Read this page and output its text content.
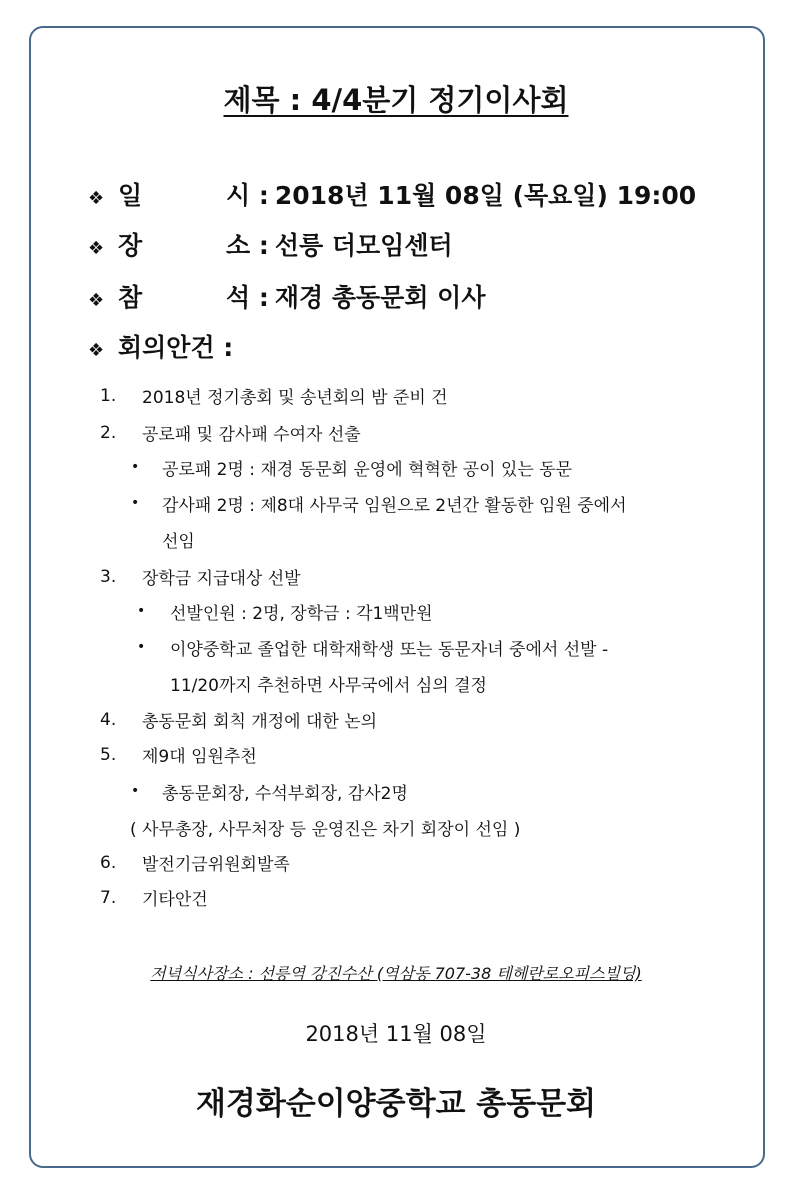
제목 : 4/4분기 정기이사회
❖ 일	시 : 2018년 11월 08일 (목요일) 19:00
❖ 장	소 : 선릉 더모임센터
❖ 참	석 : 재경 총동문회 이사
❖ 회의안건 :
1. 2018년 정기총회 및 송년회의 밤 준비 건
2. 공로패 및 감사패 수여자 선출
• 공로패 2명 : 재경 동문회 운영에 혁혁한 공이 있는 동문
• 감사패 2명 : 제8대 사무국 임원으로 2년간 활동한 임원 중에서
선임
3. 장학금 지급대상 선발
• 선발인원 : 2명, 장학금 : 각1백만원
• 이양중학교 졸업한 대학재학생 또는 동문자녀 중에서 선발 -
11/20까지 추천하면 사무국에서 심의 결정
4. 총동문회 회칙 개정에 대한 논의
5. 제9대 임원추천
• 총동문회장, 수석부회장, 감사2명
( 사무총장, 사무처장 등 운영진은 차기 회장이 선임 )
6. 발전기금위원회발족
7. 기타안건
저녁식사장소 : 선릉역 강진수산 (역삼동 707-38 테헤란로오피스빌딩)
2018년 11월 08일
재경화순이양중학교 총동문회
